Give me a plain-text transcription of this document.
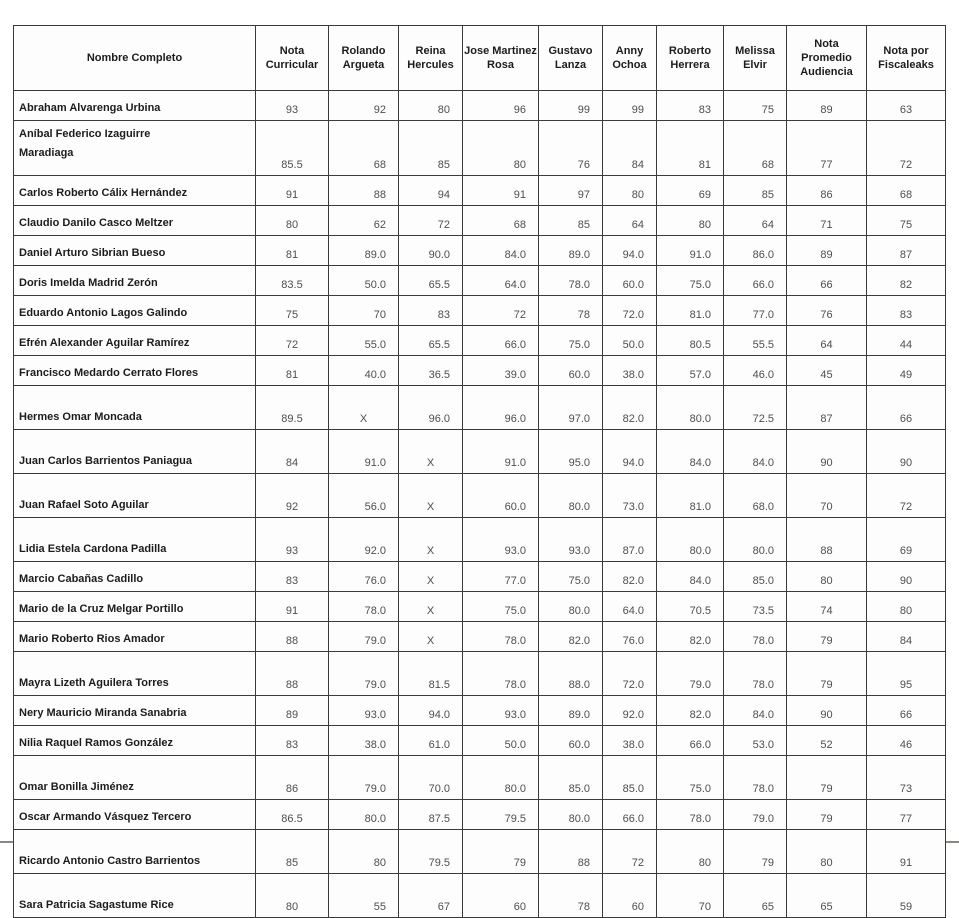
Nombre Completo	Nota Curricular	Rolando Argueta	Reina Hercules	Jose Martinez Rosa	Gustavo Lanza	Anny Ochoa	Roberto Herrera	Melissa Elvir	Nota Promedio Audiencia	Nota por Fiscaleaks
Abraham Alvarenga Urbina	93	92	80	96	99	99	83	75	89	63

Aníbal Federico Izaguirre Maradiaga	85.5	68	85	80	76	84	81	68	77	72
Carlos Roberto Cálix Hernández	91	88	94	91	97	80	69	85	86	68
Claudio Danilo Casco Meltzer	80	62	72	68	85	64	80	64	71	75
Daniel Arturo Sibrian Bueso	81	89.0	90.0	84.0	89.0	94.0	91.0	86.0	89	87
Doris Imelda Madrid Zerón	83.5	50.0	65.5	64.0	78.0	60.0	75.0	66.0	66	82
Eduardo Antonio Lagos Galindo	75	70	83	72	78	72.0	81.0	77.0	76	83
Efrén Alexander Aguilar Ramírez	72	55.0	65.5	66.0	75.0	50.0	80.5	55.5	64	44
Francisco Medardo Cerrato Flores	81	40.0	36.5	39.0	60.0	38.0	57.0	46.0	45	49
Hermes Omar Moncada	89.5	X	96.0	96.0	97.0	82.0	80.0	72.5	87	66
Juan Carlos Barrientos Paniagua	84	91.0	X	91.0	95.0	94.0	84.0	84.0	90	90
Juan Rafael Soto Aguilar	92	56.0	X	60.0	80.0	73.0	81.0	68.0	70	72
Lidia Estela Cardona Padilla	93	92.0	X	93.0	93.0	87.0	80.0	80.0	88	69
Marcio Cabañas Cadillo	83	76.0	X	77.0	75.0	82.0	84.0	85.0	80	90
Mario de la Cruz Melgar Portillo	91	78.0	X	75.0	80.0	64.0	70.5	73.5	74	80
Mario Roberto Rios Amador	88	79.0	X	78.0	82.0	76.0	82.0	78.0	79	84
Mayra Lizeth Aguilera Torres	88	79.0	81.5	78.0	88.0	72.0	79.0	78.0	79	95
Nery Mauricio Miranda Sanabria	89	93.0	94.0	93.0	89.0	92.0	82.0	84.0	90	66
Nilia Raquel Ramos González	83	38.0	61.0	50.0	60.0	38.0	66.0	53.0	52	46
Omar Bonilla Jiménez	86	79.0	70.0	80.0	85.0	85.0	75.0	78.0	79	73
Oscar Armando Vásquez Tercero	86.5	80.0	87.5	79.5	80.0	66.0	78.0	79.0	79	77
Ricardo Antonio Castro Barrientos	85	80	79.5	79	88	72	80	79	80	91
Sara Patricia Sagastume Rice	80	55	67	60	78	60	70	65	65	59
